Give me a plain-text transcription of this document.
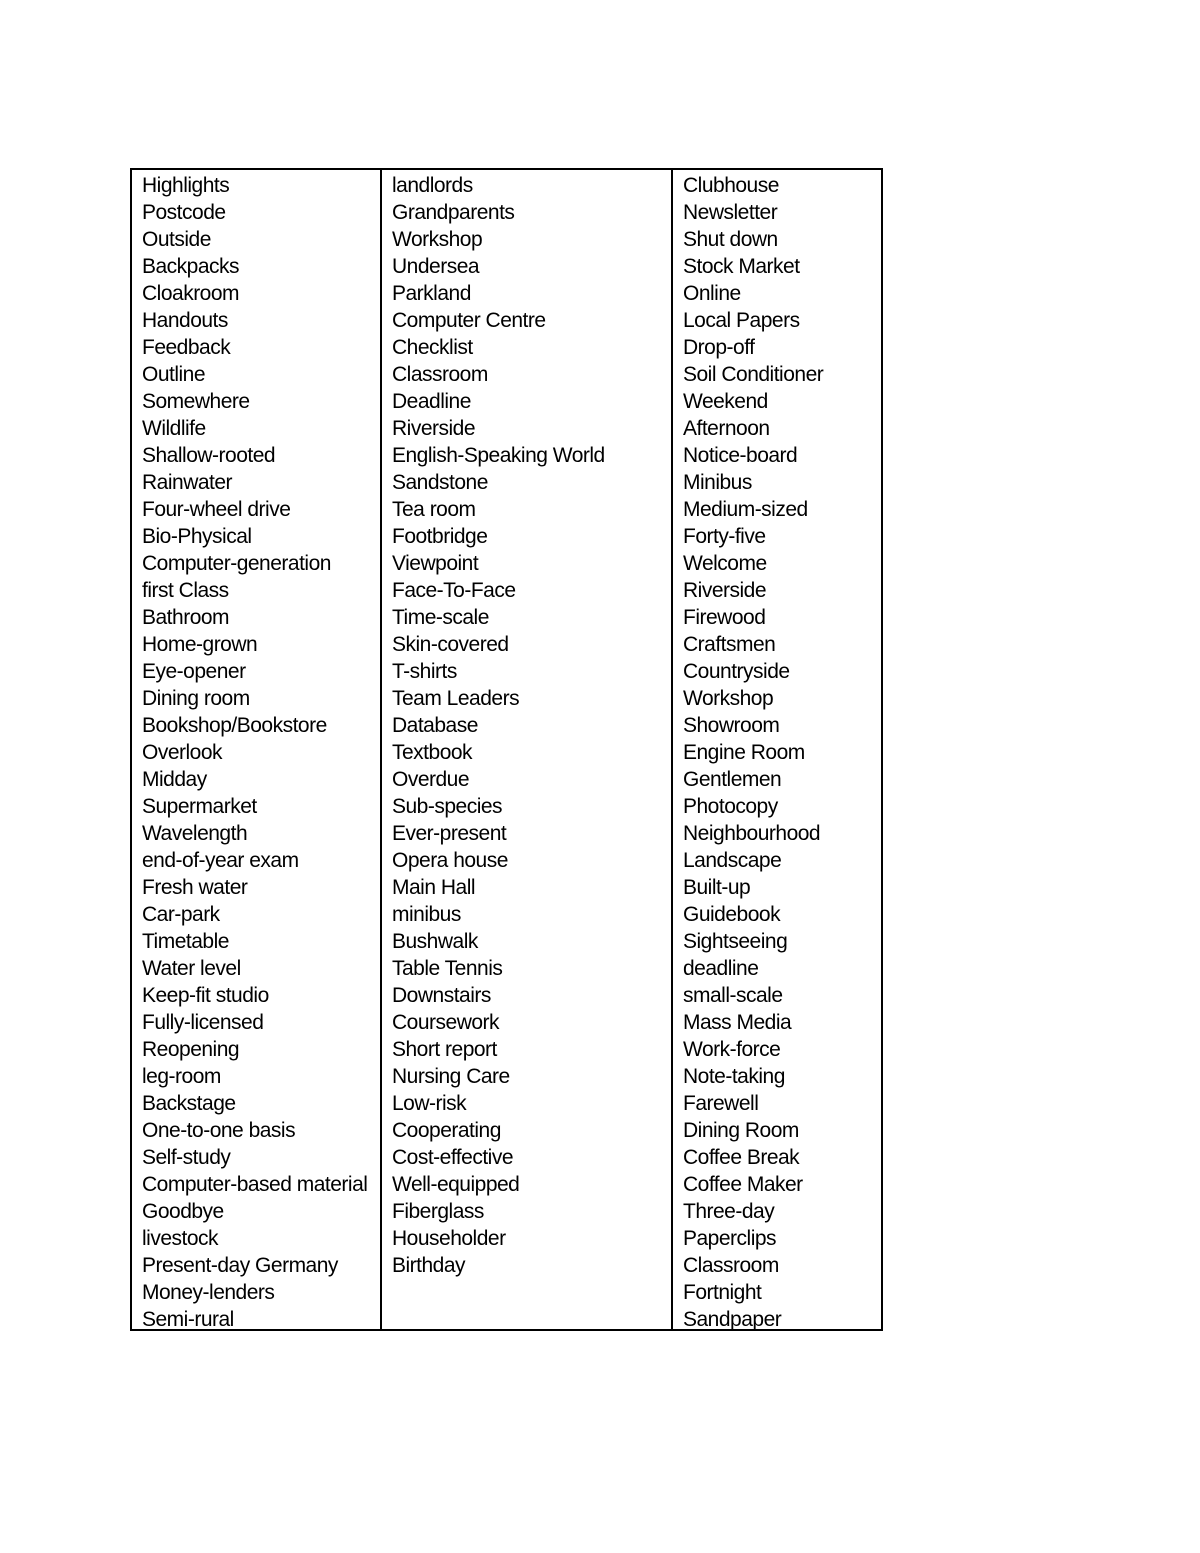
Highlights
Postcode
Outside
Backpacks
Cloakroom
Handouts
Feedback
Outline
Somewhere
Wildlife
Shallow-rooted
Rainwater
Four-wheel drive
Bio-Physical
Computer-generation
first Class
Bathroom
Home-grown
Eye-opener
Dining room
Bookshop/Bookstore
Overlook
Midday
Supermarket
Wavelength
end-of-year exam
Fresh water
Car-park
Timetable
Water level
Keep-fit studio
Fully-licensed
Reopening
leg-room
Backstage
One-to-one basis
Self-study
Computer-based material
Goodbye
livestock
Present-day Germany
Money-lenders
Semi-rural
landlords
Grandparents
Workshop
Undersea
Parkland
Computer Centre
Checklist
Classroom
Deadline
Riverside
English-Speaking World
Sandstone
Tea room
Footbridge
Viewpoint
Face-To-Face
Time-scale
Skin-covered
T-shirts
Team Leaders
Database
Textbook
Overdue
Sub-species
Ever-present
Opera house
Main Hall
minibus
Bushwalk
Table Tennis
Downstairs
Coursework
Short report
Nursing Care
Low-risk
Cooperating
Cost-effective
Well-equipped
Fiberglass
Householder
Birthday
Clubhouse
Newsletter
Shut down
Stock Market
Online
Local Papers
Drop-off
Soil Conditioner
Weekend
Afternoon
Notice-board
Minibus
Medium-sized
Forty-five
Welcome
Riverside
Firewood
Craftsmen
Countryside
Workshop
Showroom
Engine Room
Gentlemen
Photocopy
Neighbourhood
Landscape
Built-up
Guidebook
Sightseeing
deadline
small-scale
Mass Media
Work-force
Note-taking
Farewell
Dining Room
Coffee Break
Coffee Maker
Three-day
Paperclips
Classroom
Fortnight
Sandpaper
